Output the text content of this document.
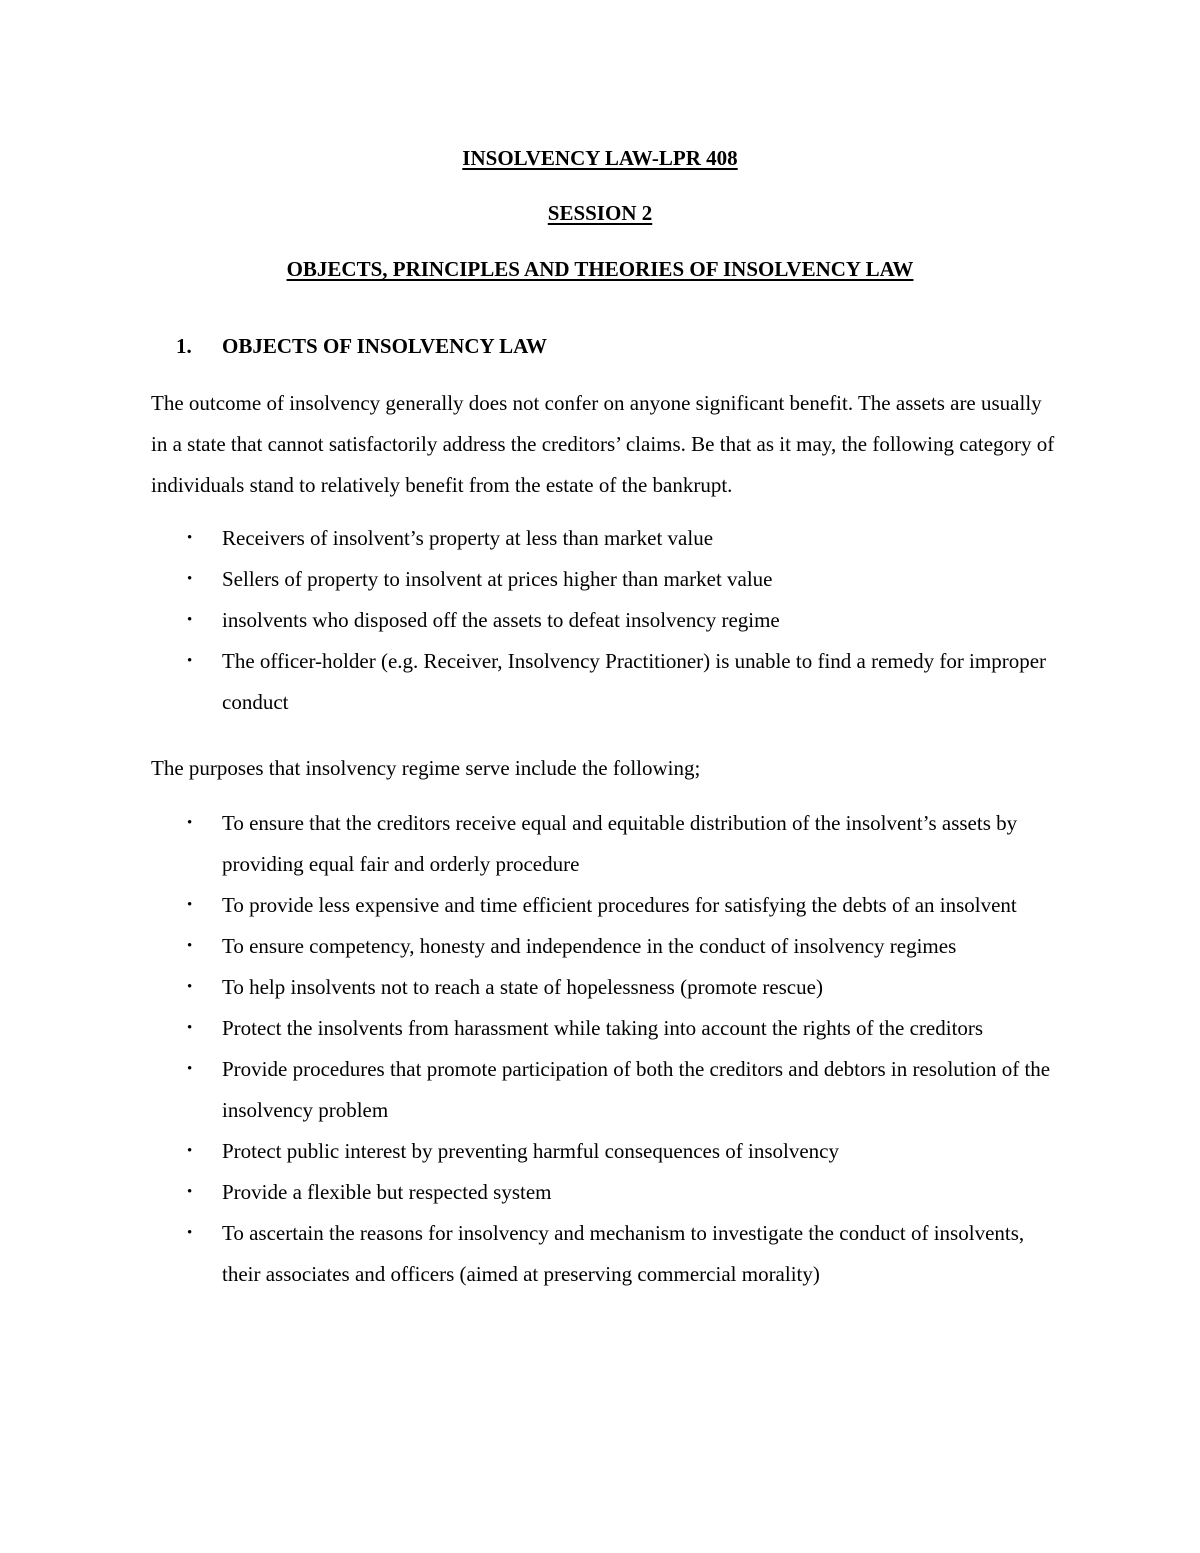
INSOLVENCY LAW-LPR 408
SESSION 2
OBJECTS, PRINCIPLES AND THEORIES OF INSOLVENCY LAW
1. OBJECTS OF INSOLVENCY LAW

The outcome of insolvency generally does not confer on anyone significant benefit. The assets are usually in a state that cannot satisfactorily address the creditors’ claims. Be that as it may, the following category of individuals stand to relatively benefit from the estate of the bankrupt.

• Receivers of insolvent’s property at less than market value
• Sellers of property to insolvent at prices higher than market value
• insolvents who disposed off the assets to defeat insolvency regime
• The officer-holder (e.g. Receiver, Insolvency Practitioner) is unable to find a remedy for improper conduct

The purposes that insolvency regime serve include the following;

• To ensure that the creditors receive equal and equitable distribution of the insolvent’s assets by providing equal fair and orderly procedure
• To provide less expensive and time efficient procedures for satisfying the debts of an insolvent
• To ensure competency, honesty and independence in the conduct of insolvency regimes
• To help insolvents not to reach a state of hopelessness (promote rescue)
• Protect the insolvents from harassment while taking into account the rights of the creditors
• Provide procedures that promote participation of both the creditors and debtors in resolution of the insolvency problem
• Protect public interest by preventing harmful consequences of insolvency
• Provide a flexible but respected system
• To ascertain the reasons for insolvency and mechanism to investigate the conduct of insolvents, their associates and officers (aimed at preserving commercial morality)
